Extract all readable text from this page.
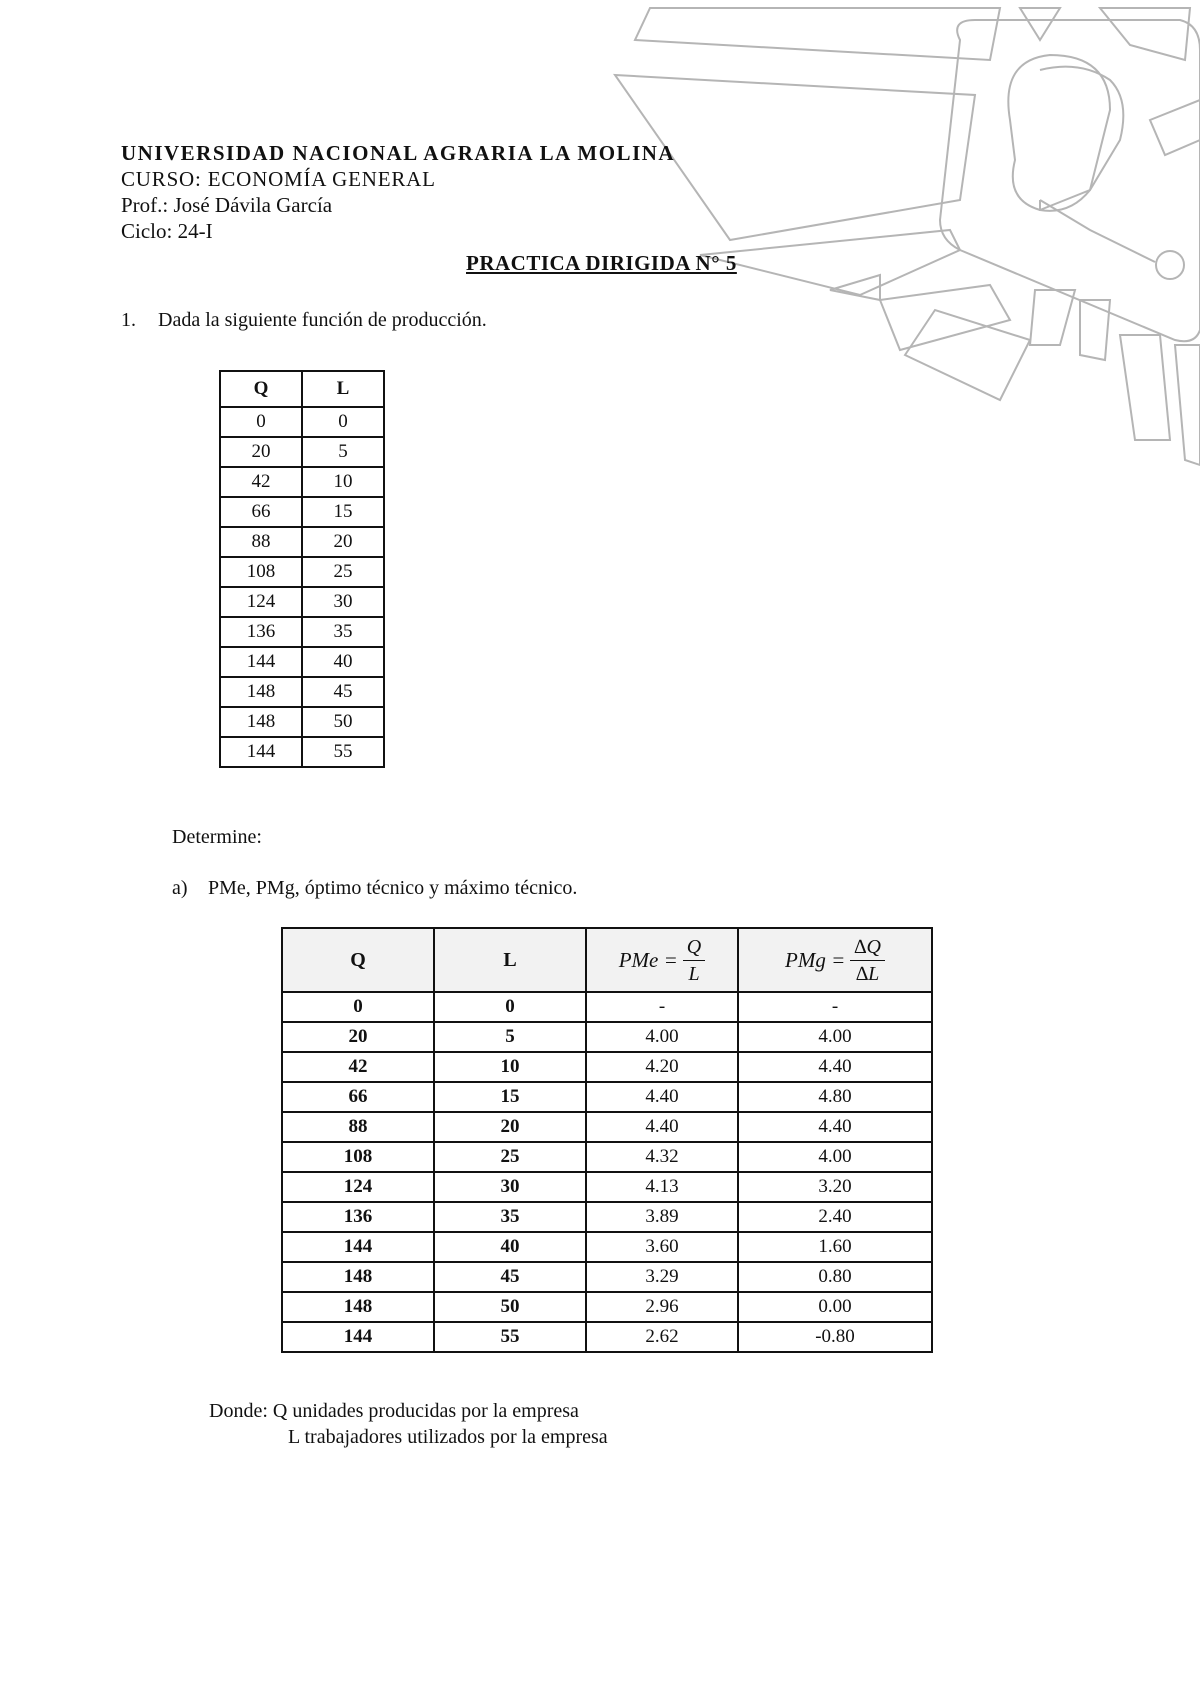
UNIVERSIDAD NACIONAL AGRARIA LA MOLINA
CURSO: ECONOMÍA GENERAL
Prof.: José Dávila García
Ciclo: 24-I
PRACTICA DIRIGIDA N° 5
1. Dada la siguiente función de producción.
Q	L
0	0
20	5
42	10
66	15
88	20
108	25
124	30
136	35
144	40
148	45
148	50
144	55
Determine:
a) PMe, PMg, óptimo técnico y máximo técnico.
Q	L	PMe = $\frac{Q}{L}$	PMg = $\frac{\Delta Q}{\Delta L}$

0	0	-	-
20	5	4.00	4.00
42	10	4.20	4.40
66	15	4.40	4.80
88	20	4.40	4.40
108	25	4.32	4.00
124	30	4.13	3.20
136	35	3.89	2.40
144	40	3.60	1.60
148	45	3.29	0.80
148	50	2.96	0.00
144	55	2.62	-0.80
Donde: Q unidades producidas por la empresa
L trabajadores utilizados por la empresa
